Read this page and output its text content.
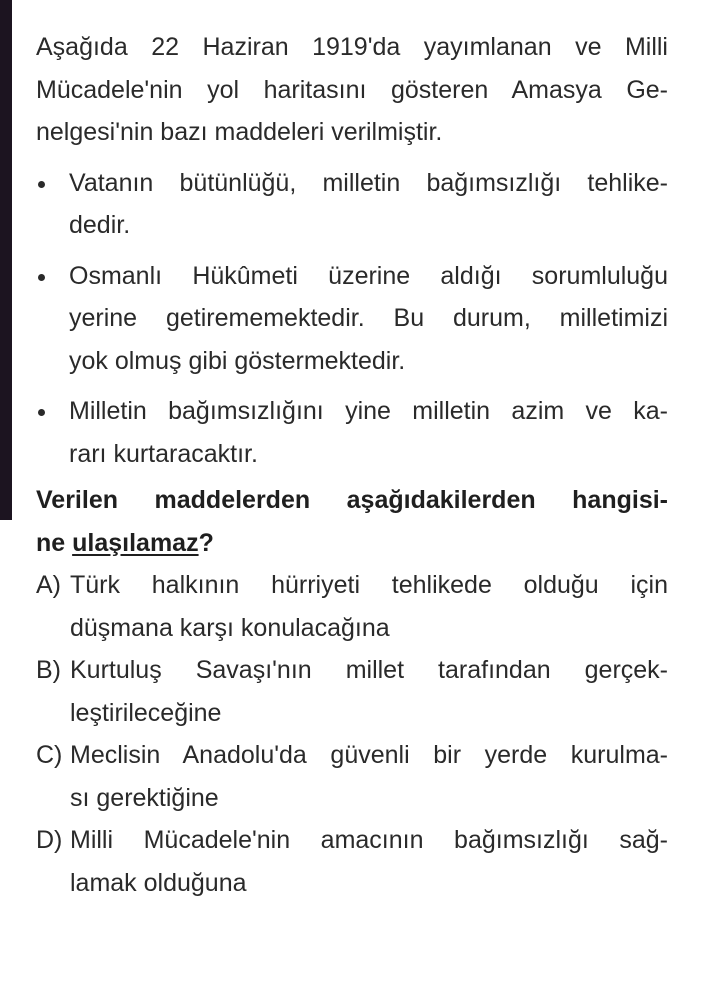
Aşağıda 22 Haziran 1919'da yayımlanan ve Milli

Mücadele'nin yol haritasını gösteren Amasya Ge-

nelgesi'nin bazı maddeleri verilmiştir.

Vatanın bütünlüğü, milletin bağımsızlığı tehlike-

dedir.

Osmanlı Hükûmeti üzerine aldığı sorumluluğu

yerine getirememektedir. Bu durum, milletimizi

yok olmuş gibi göstermektedir.

Milletin bağımsızlığını yine milletin azim ve ka-

rarı kurtaracaktır.

Verilen maddelerden aşağıdakilerden hangisi-

ne ulaşılamaz?

A) Türk halkının hürriyeti tehlikede olduğu için

düşmana karşı konulacağına

B) Kurtuluş Savaşı'nın millet tarafından gerçek-

leştirileceğine

C) Meclisin Anadolu'da güvenli bir yerde kurulma-

sı gerektiğine

D) Milli Mücadele'nin amacının bağımsızlığı sağ-

lamak olduğuna
